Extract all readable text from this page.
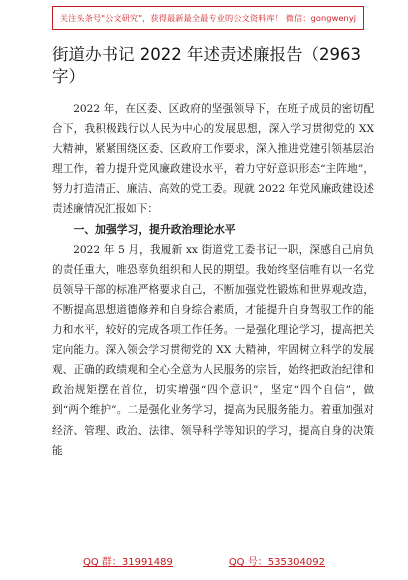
关注头条号"公文研究"，获得最新最全最专业的公文资料库！ 微信：gongwenyj
街道办书记 2022 年述责述廉报告（2963 字）

2022 年，在区委、区政府的坚强领导下，在班子成员的密切配合下，我积极践行以人民为中心的发展思想，深入学习贯彻党的 XX 大精神，紧紧围绕区委、区政府工作要求，深入推进党建引领基层治理工作，着力提升党风廉政建设水平，着力守好意识形态“主阵地”，努力打造清正、廉洁、高效的党工委。现就 2022 年党风廉政建设述责述廉情况汇报如下：

一、加强学习，提升政治理论水平

2022 年 5 月，我履新 xx 街道党工委书记一职，深感自己肩负的责任重大，唯恐辜负组织和人民的期望。我始终坚信唯有以一名党员领导干部的标准严格要求自己，不断加强党性锻炼和世界观改造，不断提高思想道德修养和自身综合素质，才能提升自身驾驭工作的能力和水平，较好的完成各项工作任务。一是强化理论学习，提高把关定向能力。深入领会学习贯彻党的 XX 大精神，牢固树立科学的发展观、正确的政绩观和全心全意为人民服务的宗旨，始终把政治纪律和政治规矩摆在首位，切实增强“四个意识”，坚定“四个自信”，做到“两个维护”。二是强化业务学习，提高为民服务能力。着重加强对经济、管理、政治、法律、领导科学等知识的学习，提高自身的决策能

QQ 群：31991489	QQ 号：535304092
